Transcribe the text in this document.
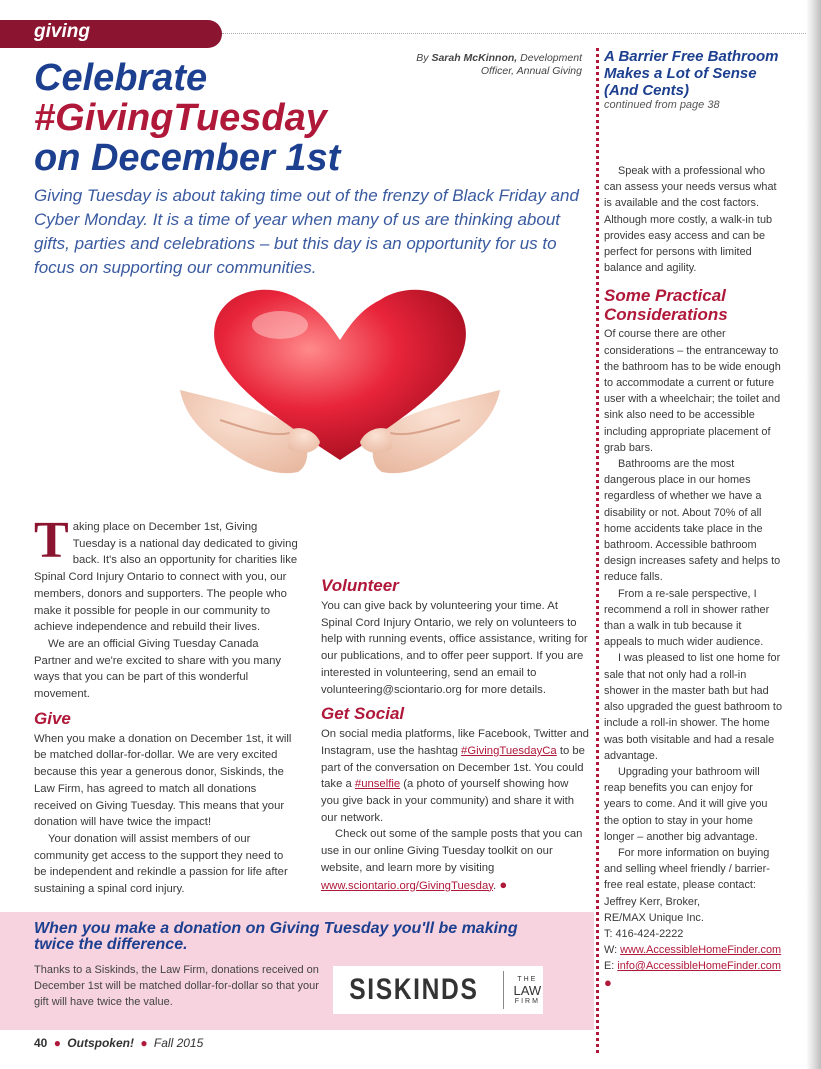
giving
By Sarah McKinnon, Development Officer, Annual Giving
Celebrate
#GivingTuesday
on December 1st
Giving Tuesday is about taking time out of the frenzy of Black Friday and Cyber Monday. It is a time of year when many of us are thinking about gifts, parties and celebrations – but this day is an opportunity for us to focus on supporting our communities.

Taking place on December 1st, Giving Tuesday is a national day dedicated to giving back. It's also an opportunity for charities like Spinal Cord Injury Ontario to connect with you, our members, donors and supporters. The people who make it possible for people in our community to achieve independence and rebuild their lives.

We are an official Giving Tuesday Canada Partner and we're excited to share with you many ways that you can be part of this wonderful movement.

Give

When you make a donation on December 1st, it will be matched dollar-for-dollar. We are very excited because this year a generous donor, Siskinds, the Law Firm, has agreed to match all donations received on Giving Tuesday. This means that your donation will have twice the impact!

Your donation will assist members of our community get access to the support they need to be independent and rekindle a passion for life after sustaining a spinal cord injury.

Volunteer

You can give back by volunteering your time. At Spinal Cord Injury Ontario, we rely on volunteers to help with running events, office assistance, writing for our publications, and to offer peer support. If you are interested in volunteering, send an email to volunteering@sciontario.org for more details.

Get Social

On social media platforms, like Facebook, Twitter and Instagram, use the hashtag #GivingTuesdayCa to be part of the conversation on December 1st. You could take a #unselfie (a photo of yourself showing how you give back in your community) and share it with our network.

Check out some of the sample posts that you can use in our online Giving Tuesday toolkit on our website, and learn more by visiting www.sciontario.org/GivingTuesday. ●

A Barrier Free Bathroom Makes a Lot of Sense (And Cents)
continued from page 38

Speak with a professional who can assess your needs versus what is available and the cost factors. Although more costly, a walk-in tub provides easy access and can be perfect for persons with limited balance and agility.

Some Practical Considerations

Of course there are other considerations – the entranceway to the bathroom has to be wide enough to accommodate a current or future user with a wheelchair; the toilet and sink also need to be accessible including appropriate placement of grab bars.

Bathrooms are the most dangerous place in our homes regardless of whether we have a disability or not. About 70% of all home accidents take place in the bathroom. Accessible bathroom design increases safety and helps to reduce falls.

From a re-sale perspective, I recommend a roll in shower rather than a walk in tub because it appeals to much wider audience.

I was pleased to list one home for sale that not only had a roll-in shower in the master bath but had also upgraded the guest bathroom to include a roll-in shower. The home was both visitable and had a resale advantage.

Upgrading your bathroom will reap benefits you can enjoy for years to come. And it will give you the option to stay in your home longer – another big advantage.

For more information on buying and selling wheel friendly / barrier-free real estate, please contact:

Jeffrey Kerr, Broker,

RE/MAX Unique Inc.

T: 416-424-2222

W: www.AccessibleHomeFinder.com

E: info@AccessibleHomeFinder.com

●

When you make a donation on Giving Tuesday you'll be making twice the difference.
Thanks to a Siskinds, the Law Firm, donations received on December 1st will be matched dollar-for-dollar so that your gift will have twice the value.	SISKINDS	THE
LAW
FIRM
40 ● Outspoken! ● Fall 2015
